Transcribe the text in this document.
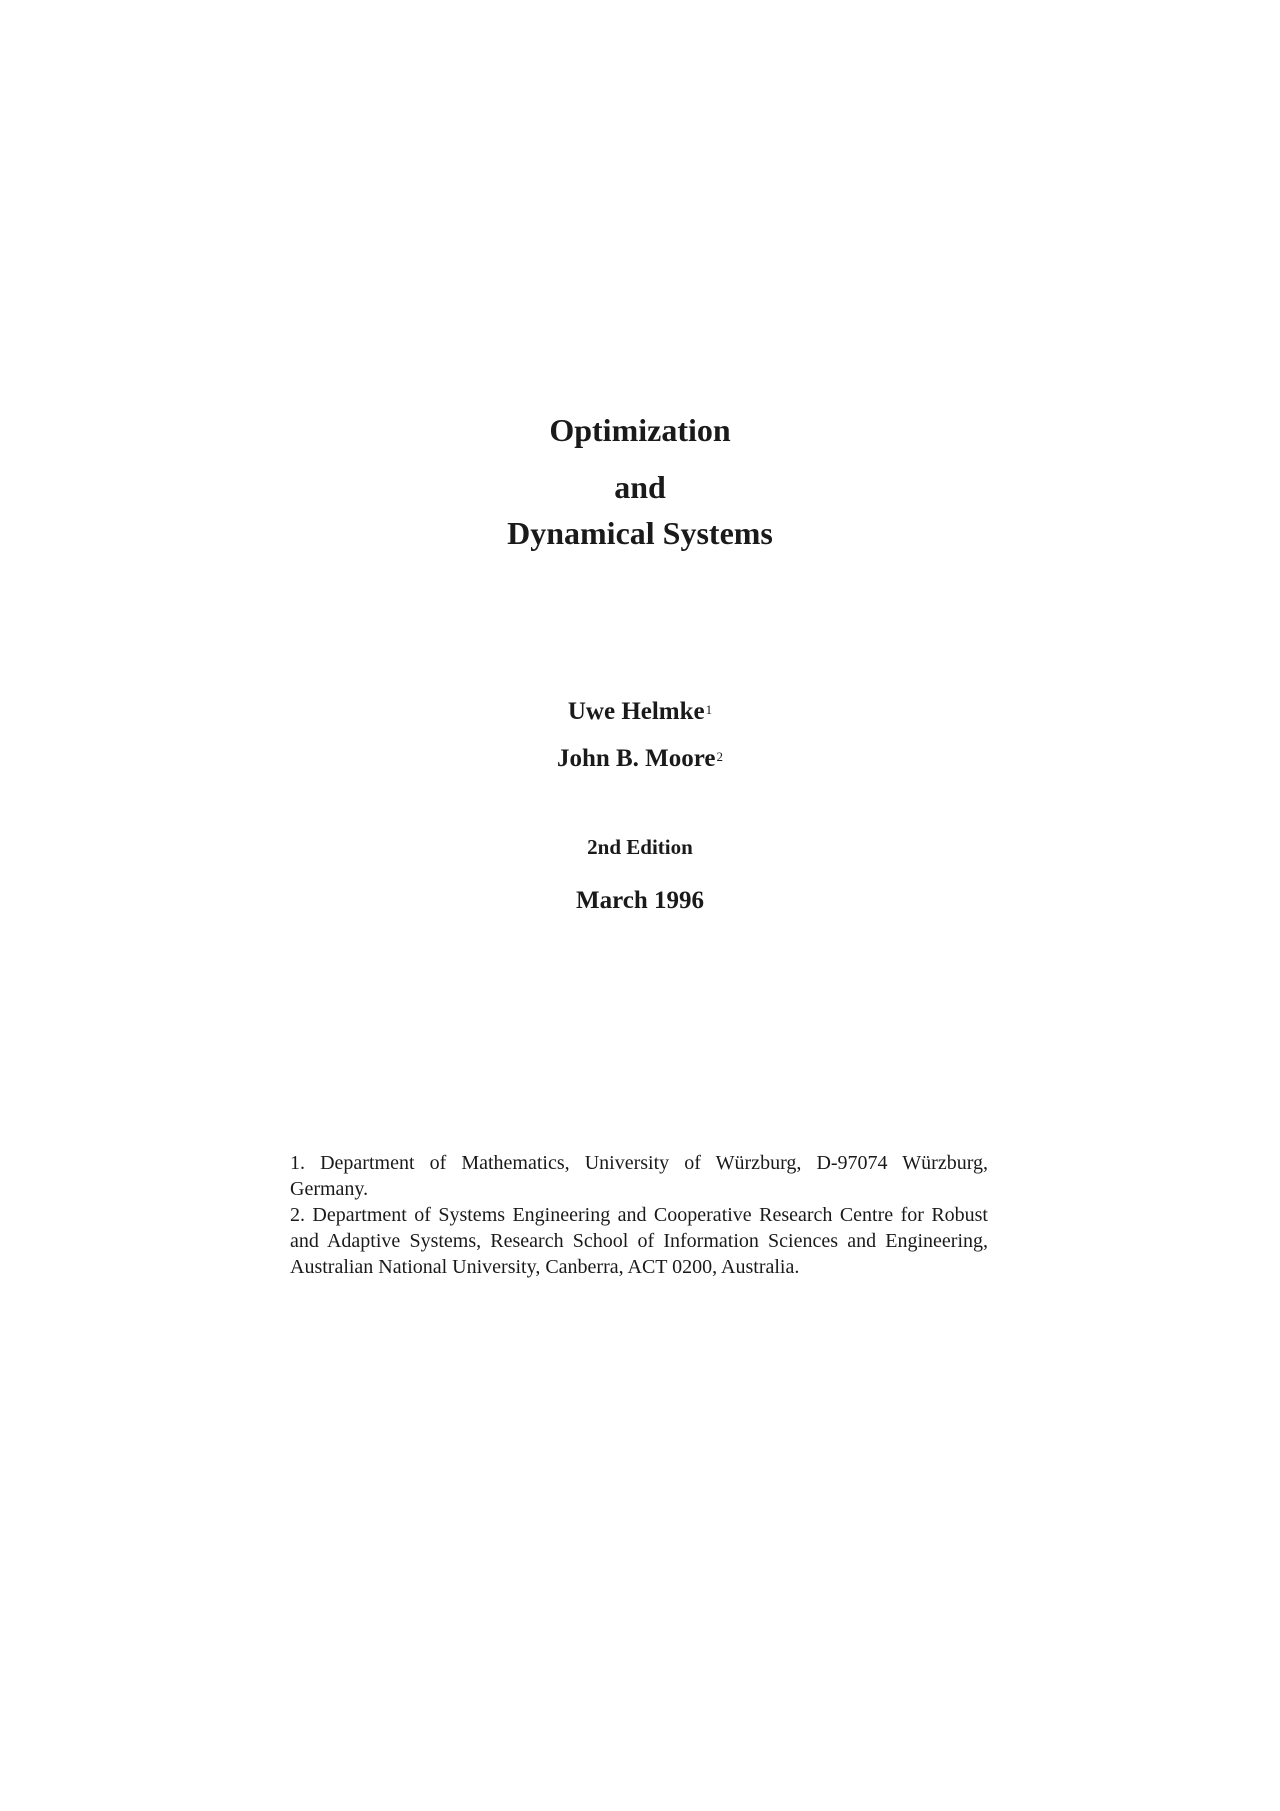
Optimization
and
Dynamical Systems
Uwe Helmke$^1$
John B. Moore$^2$
2nd Edition
March 1996
1. Department of Mathematics, University of Würzburg, D-97074 Würzburg, Germany.
2. Department of Systems Engineering and Cooperative Research Centre for Robust and Adaptive Systems, Research School of Information Sciences and Engineering, Australian National University, Canberra, ACT 0200, Australia.
